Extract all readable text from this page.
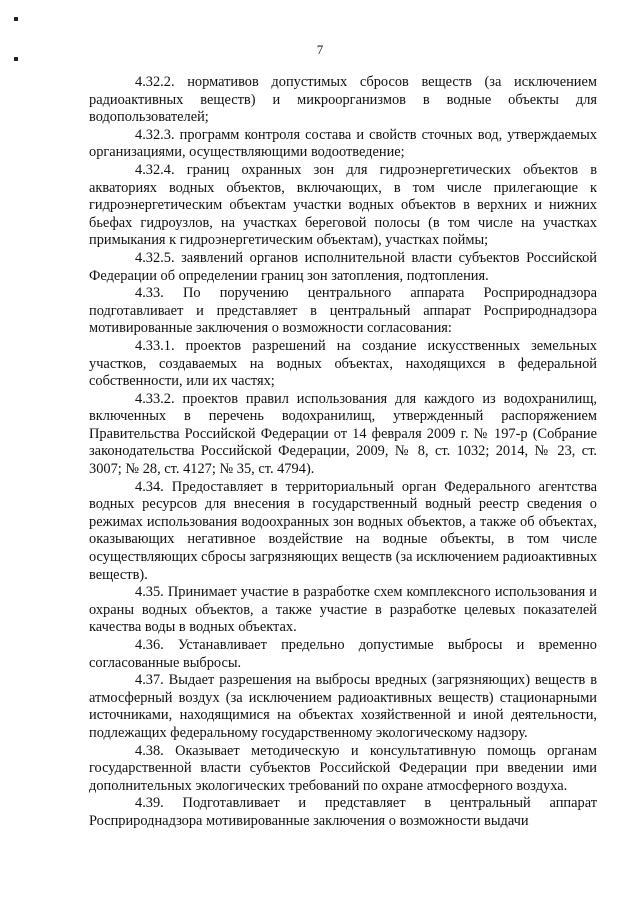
7

4.32.2. нормативов допустимых сбросов веществ (за исключением радиоактивных веществ) и микроорганизмов в водные объекты для водопользователей;

4.32.3. программ контроля состава и свойств сточных вод, утверждаемых организациями, осуществляющими водоотведение;

4.32.4. границ охранных зон для гидроэнергетических объектов в акваториях водных объектов, включающих, в том числе прилегающие к гидроэнергетическим объектам участки водных объектов в верхних и нижних бьефах гидроузлов, на участках береговой полосы (в том числе на участках примыкания к гидроэнергетическим объектам), участках поймы;

4.32.5. заявлений органов исполнительной власти субъектов Российской Федерации об определении границ зон затопления, подтопления.

4.33. По поручению центрального аппарата Росприроднадзора подготавливает и представляет в центральный аппарат Росприроднадзора мотивированные заключения о возможности согласования:

4.33.1. проектов разрешений на создание искусственных земельных участков, создаваемых на водных объектах, находящихся в федеральной собственности, или их частях;

4.33.2. проектов правил использования для каждого из водохранилищ, включенных в перечень водохранилищ, утвержденный распоряжением Правительства Российской Федерации от 14 февраля 2009 г. № 197-р (Собрание законодательства Российской Федерации, 2009, № 8, ст. 1032; 2014, № 23, ст. 3007; № 28, ст. 4127; № 35, ст. 4794).

4.34. Предоставляет в территориальный орган Федерального агентства водных ресурсов для внесения в государственный водный реестр сведения о режимах использования водоохранных зон водных объектов, а также об объектах, оказывающих негативное воздействие на водные объекты, в том числе осуществляющих сбросы загрязняющих веществ (за исключением радиоактивных веществ).

4.35. Принимает участие в разработке схем комплексного использования и охраны водных объектов, а также участие в разработке целевых показателей качества воды в водных объектах.

4.36. Устанавливает предельно допустимые выбросы и временно согласованные выбросы.

4.37. Выдает разрешения на выбросы вредных (загрязняющих) веществ в атмосферный воздух (за исключением радиоактивных веществ) стационарными источниками, находящимися на объектах хозяйственной и иной деятельности, подлежащих федеральному государственному экологическому надзору.

4.38. Оказывает методическую и консультативную помощь органам государственной власти субъектов Российской Федерации при введении ими дополнительных экологических требований по охране атмосферного воздуха.

4.39. Подготавливает и представляет в центральный аппарат Росприроднадзора мотивированные заключения о возможности выдачи
